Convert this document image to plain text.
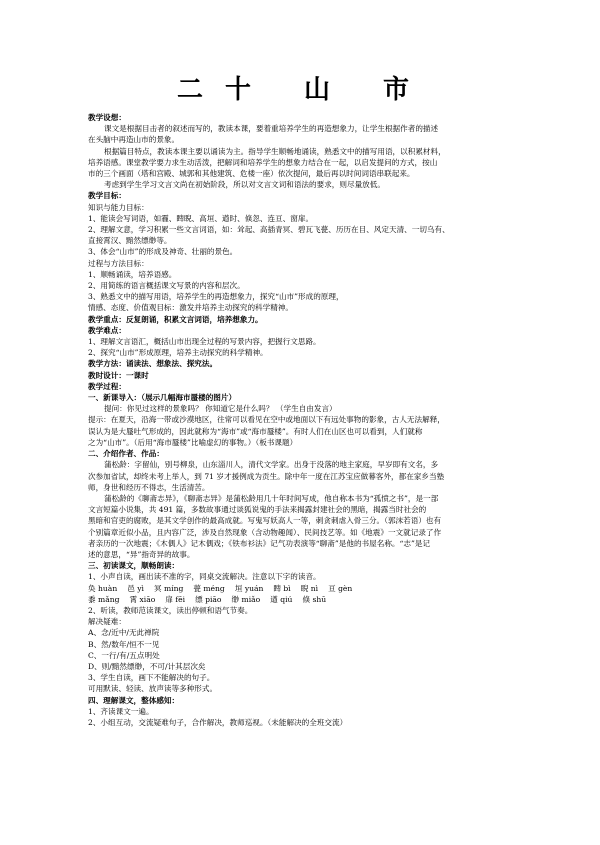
二十 山 市
教学设想：
课文是根据目击者的叙述而写的，教读本课，要着重培养学生的再造想象力，让学生根据作者的描述
在头脑中再造山市的景象。
根据篇目特点，教读本课主要以诵读为主。指导学生顺畅地诵读，熟悉文中的描写用语，以积累材料，
培养语感。课堂教学要力求生动活泼，把解词和培养学生的想象力结合在一起，以启发提问的方式，按山
市的三个画面（塔和宫殿、城郭和其他建筑、危楼一座）依次提问，最后再以时间词语串联起来。
考虑到学生学习文言文尚在初始阶段，所以对文言文词和语法的要求，则尽量放低。
教学目标：
知识与能力目标：
1、能读会写词语，如霾、睥睨、高垣、遒时、倏忽、连亘、窗扉。
2、理解文意，学习积累一些文言词语，如：耸起、高插青冥、碧瓦飞甍、历历在目、风定天清、一切乌有、
直接霄汉、黯然缥缈等。
3、体会“山市”的形成及神奇、壮丽的景色。
过程与方法目标：
1、顺畅诵读，培养语感。
2、用简练的语言概括课文写景的内容和层次。
3、熟悉文中的描写用语，培养学生的再造想象力，探究“山市”形成的原理，
情感、态度、价值观目标：激发并培养主动探究的科学精神。
教学重点：反复朗诵，积累文言词语，培养想象力。
教学难点：
1、理解文言语汇，概括山市出现全过程的写景内容，把握行文思路。
2、探究“山市”形成原理，培养主动探究的科学精神。
教学方法：诵读法、想象法、探究法。
教时设计：一课时
教学过程：
一、新课导入：（展示几幅海市蜃楼的图片）
提问：你见过这样的景象吗？ 你知道它是什么吗？ （学生自由发言）
提示：在夏天，沿海一带或沙漠地区，往常可以看见在空中或地面以下有远处事物的影象，古人无法解释，
误认为是大蜃吐气形成的，因此就称为“海市”或“海市蜃楼”。有时人们在山区也可以看到，人们就称
之为“山市”。（后用“海市蜃楼”比喻虚幻的事物。）（板书课题）
二、介绍作者、作品：
蒲松龄：字留仙，别号柳泉，山东淄川人，清代文学家。出身于没落的地主家庭，早岁即有文名，多
次参加省试，却终未考上举人，到 71 岁才援例成为贡生。除中年一度在江苏宝应做幕客外，都在家乡当塾
师，身世和经历不得志，生活清苦。
蒲松龄的《聊斋志异》，《聊斋志异》是蒲松龄用几十年时间写成，他自称本书为“孤愤之书”，是一部
文言短篇小说集，共 491 篇，多数故事通过谈狐说鬼的手法来揭露封建社会的黑暗，揭露当时社会的
黑暗和官吏的腐败，是其文学创作的最高成就。写鬼写妖高人一等，刺贪刺虐入骨三分。（郭沫若语）也有
个别篇章近似小品，且内容广泛，涉及自然现象（含动物趣闻）、民间技艺等。如《地震》一文就记录了作
者亲历的一次地震；《木偶人》记木偶戏；《铁布衫法》记气功表演等“聊斋”是他的书屋名称。“志”是记
述的意思，“异”指奇异的故事。
三、初读课文，顺畅朗读：
1、小声自读，画出读不准的字，同桌交流解决。注意以下字的读音。
奂 huàn 邑 yì 冥 míng 甍 méng 垣 yuán 睥 bì 睨 nì 亘 gèn
黍 mǎng 霄 xiāo 扉 fēi 缥 piāo 缈 miǎo 遒 qiú 倏 shū
2、听读，教师范读课文，读出停顿和语气节奏。
解决疑难：
A、念/近中/无此禅院
B、然/数年/恒不一见
C、一行/有/五点明处
D、则/黯然缥缈，不可/计其层次矣
3、学生自读，画下不能解决的句子。
可用默读、轻读、放声读等多种形式。
四、理解课文，整体感知：
1、齐读课文一遍。
2、小组互动，交流疑难句子，合作解决，教师巡视。（未能解决的全班交流）
